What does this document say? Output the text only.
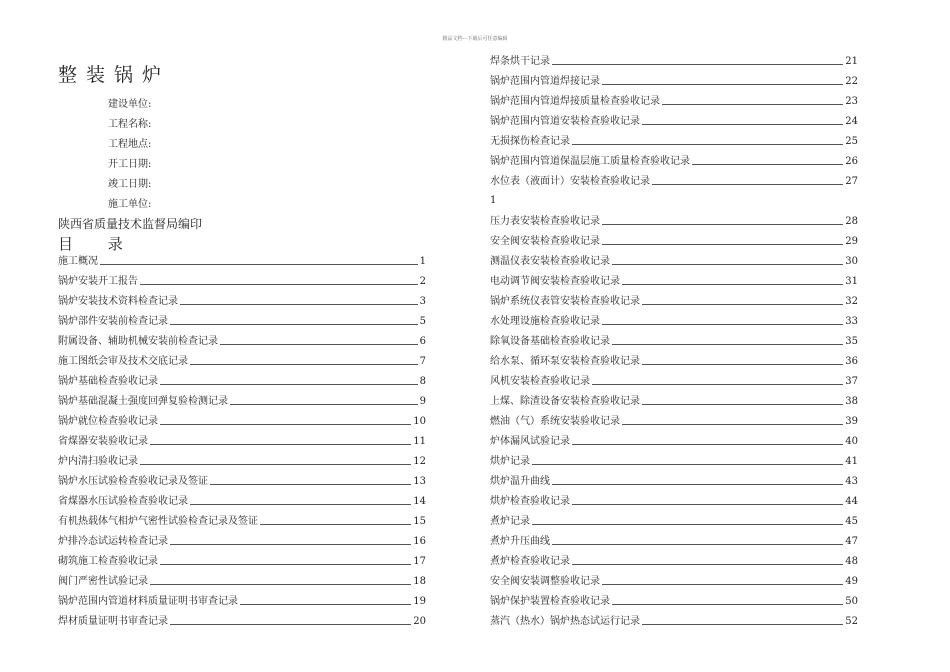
精品文档---下载后可任意编辑
整装锅炉
建设单位:
工程名称:
工程地点:
开工日期:
竣工日期:
施工单位:
陕西省质量技术监督局编印
目 录
施工概况	1
锅炉安装开工报告	2
锅炉安装技术资料检查记录	3
锅炉部件安装前检查记录	5
附属设备、辅助机械安装前检查记录	6
施工图纸会审及技术交底记录	7
锅炉基础检查验收记录	8
锅炉基础混凝土强度回弹复验检测记录	9
锅炉就位检查验收记录	10
省煤器安装验收记录	11
炉内清扫验收记录	12
锅炉水压试验检查验收记录及签证	13
省煤器水压试验检查验收记录	14
有机热载体气相炉气密性试验检查记录及签证	15
炉排冷态试运转检查记录	16
砌筑施工检查验收记录	17
阀门严密性试验记录	18
锅炉范围内管道材料质量证明书审查记录	19
焊材质量证明书审查记录	20
焊条烘干记录	21
锅炉范围内管道焊接记录	22
锅炉范围内管道焊接质量检查验收记录	23
锅炉范围内管道安装检查验收记录	24
无损探伤检查记录	25
锅炉范围内管道保温层施工质量检查验收记录	26
水位表（液面计）安装检查验收记录	27
1
压力表安装检查验收记录	28
安全阀安装检查验收记录	29
测温仪表安装检查验收记录	30
电动调节阀安装检查验收记录	31
锅炉系统仪表管安装检查验收记录	32
水处理设施检查验收记录	33
除氧设备基础检查验收记录	35
给水泵、循环泵安装检查验收记录	36
风机安装检查验收记录	37
上煤、除渣设备安装检查验收记录	38
燃油（气）系统安装验收记录	39
炉体漏风试验记录	40
烘炉记录	41
烘炉温升曲线	43
烘炉检查验收记录	44
煮炉记录	45
煮炉升压曲线	47
煮炉检查验收记录	48
安全阀安装调整验收记录	49
锅炉保护装置检查验收记录	50
蒸汽（热水）锅炉热态试运行记录	52
